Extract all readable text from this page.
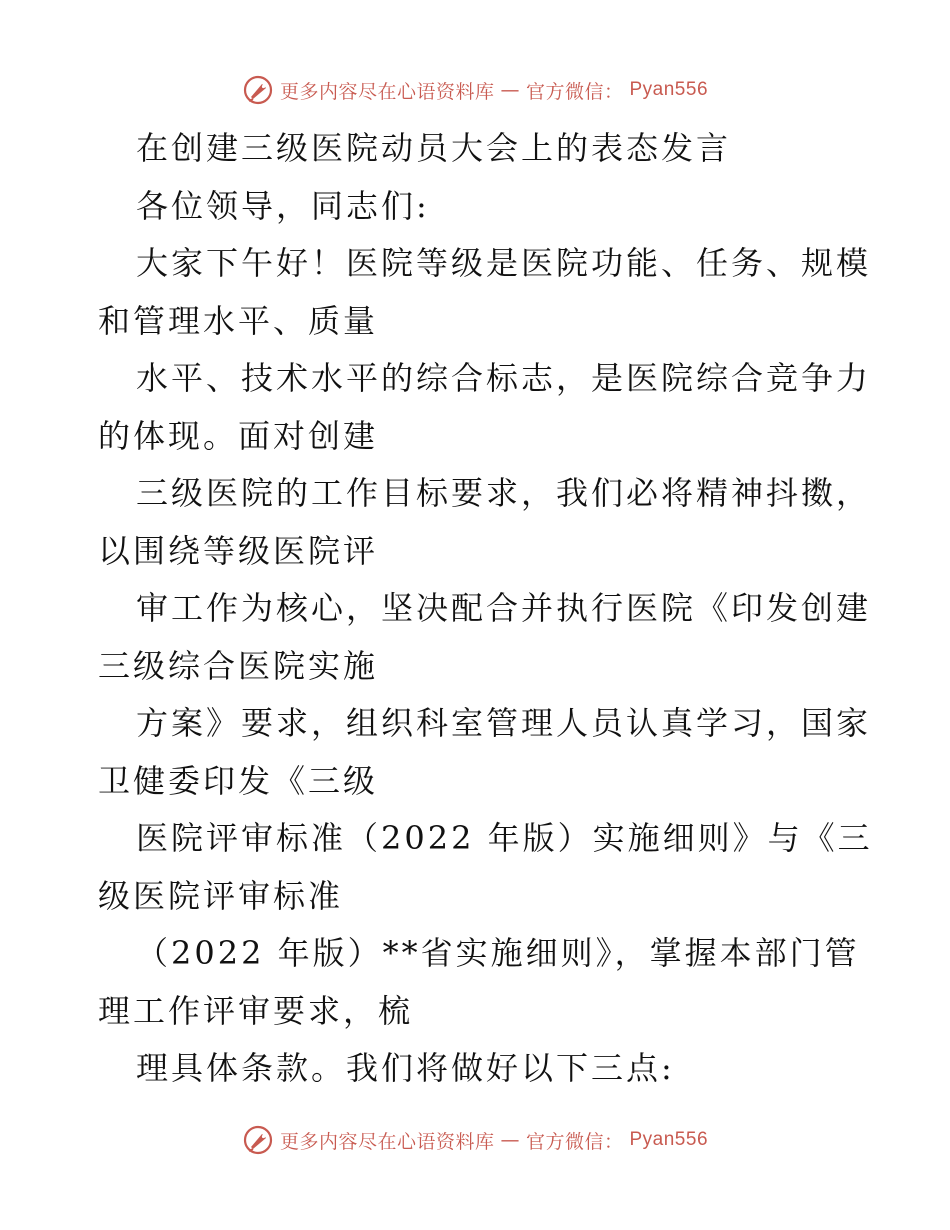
更多内容尽在心语资料库 — 官方微信： Pyan556
在创建三级医院动员大会上的表态发言
各位领导，同志们:
大家下午好！医院等级是医院功能、任务、规模
和管理水平、质量
水平、技术水平的综合标志，是医院综合竞争力
的体现。面对创建
三级医院的工作目标要求，我们必将精神抖擞，
以围绕等级医院评
审工作为核心，坚决配合并执行医院《印发创建
三级综合医院实施
方案》要求，组织科室管理人员认真学习，国家
卫健委印发《三级
医院评审标准（2022 年版）实施细则》与《三
级医院评审标准
（2022 年版）**省实施细则》，掌握本部门管
理工作评审要求，梳
理具体条款。我们将做好以下三点:
更多内容尽在心语资料库 — 官方微信： Pyan556
